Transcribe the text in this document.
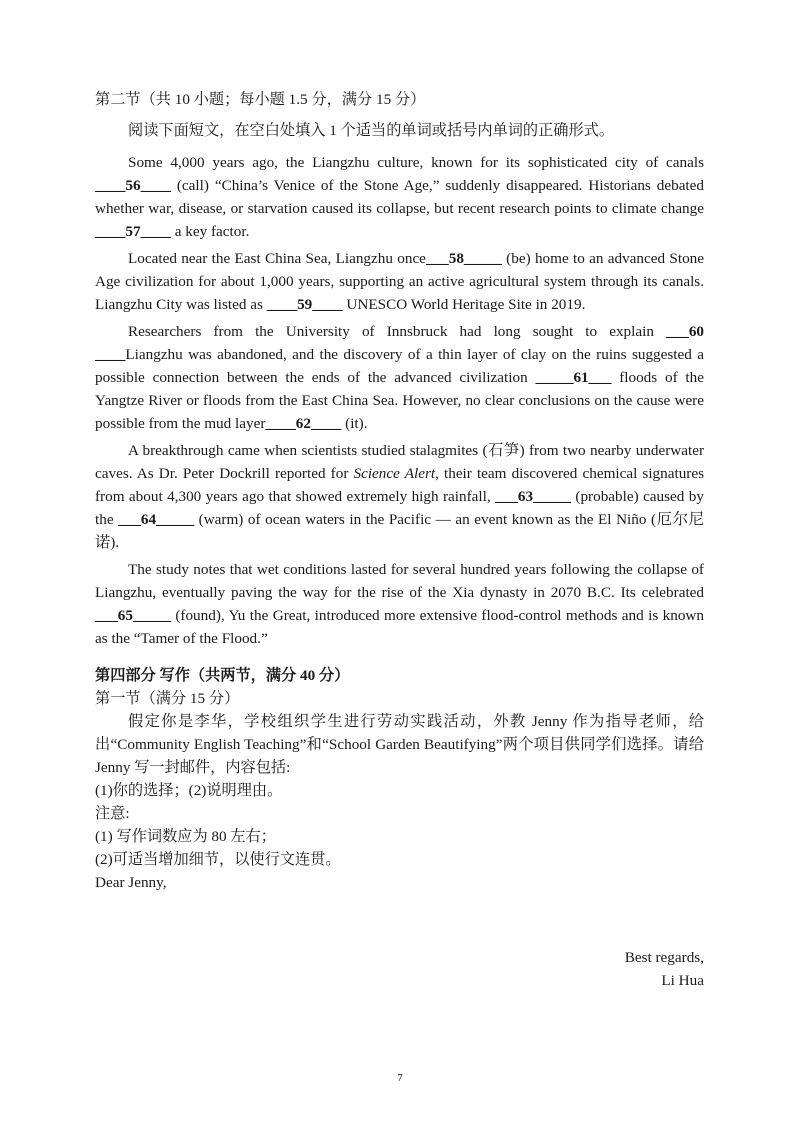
第二节（共 10 小题；每小题 1.5 分，满分 15 分）

阅读下面短文，在空白处填入 1 个适当的单词或括号内单词的正确形式。

Some 4,000 years ago, the Liangzhu culture, known for its sophisticated city of canals ____56____ (call) “China’s Venice of the Stone Age,” suddenly disappeared. Historians debated whether war, disease, or starvation caused its collapse, but recent research points to climate change ____57____ a key factor.

Located near the East China Sea, Liangzhu once___58_____ (be) home to an advanced Stone Age civilization for about 1,000 years, supporting an active agricultural system through its canals. Liangzhu City was listed as ____59____ UNESCO World Heritage Site in 2019.

Researchers from the University of Innsbruck had long sought to explain ___60 ____Liangzhu was abandoned, and the discovery of a thin layer of clay on the ruins suggested a possible connection between the ends of the advanced civilization _____61___ floods of the Yangtze River or floods from the East China Sea. However, no clear conclusions on the cause were possible from the mud layer____62____ (it).

A breakthrough came when scientists studied stalagmites (石笋) from two nearby underwater caves. As Dr. Peter Dockrill reported for Science Alert, their team discovered chemical signatures from about 4,300 years ago that showed extremely high rainfall, ___63_____ (probable) caused by the ___64_____ (warm) of ocean waters in the Pacific — an event known as the El Niño (厄尔尼诺).

The study notes that wet conditions lasted for several hundred years following the collapse of Liangzhu, eventually paving the way for the rise of the Xia dynasty in 2070 B.C. Its celebrated ___65_____ (found), Yu the Great, introduced more extensive flood-control methods and is known as the “Tamer of the Flood.”

第四部分 写作（共两节，满分 40 分）

第一节（满分 15 分）

假定你是李华，学校组织学生进行劳动实践活动，外教 Jenny 作为指导老师，给出“Community English Teaching”和“School Garden Beautifying”两个项目供同学们选择。请给 Jenny 写一封邮件，内容包括:

(1)你的选择；(2)说明理由。

注意:

(1) 写作词数应为 80 左右；

(2)可适当增加细节，以使行文连贯。

Dear Jenny,

Best regards,

Li Hua

7
